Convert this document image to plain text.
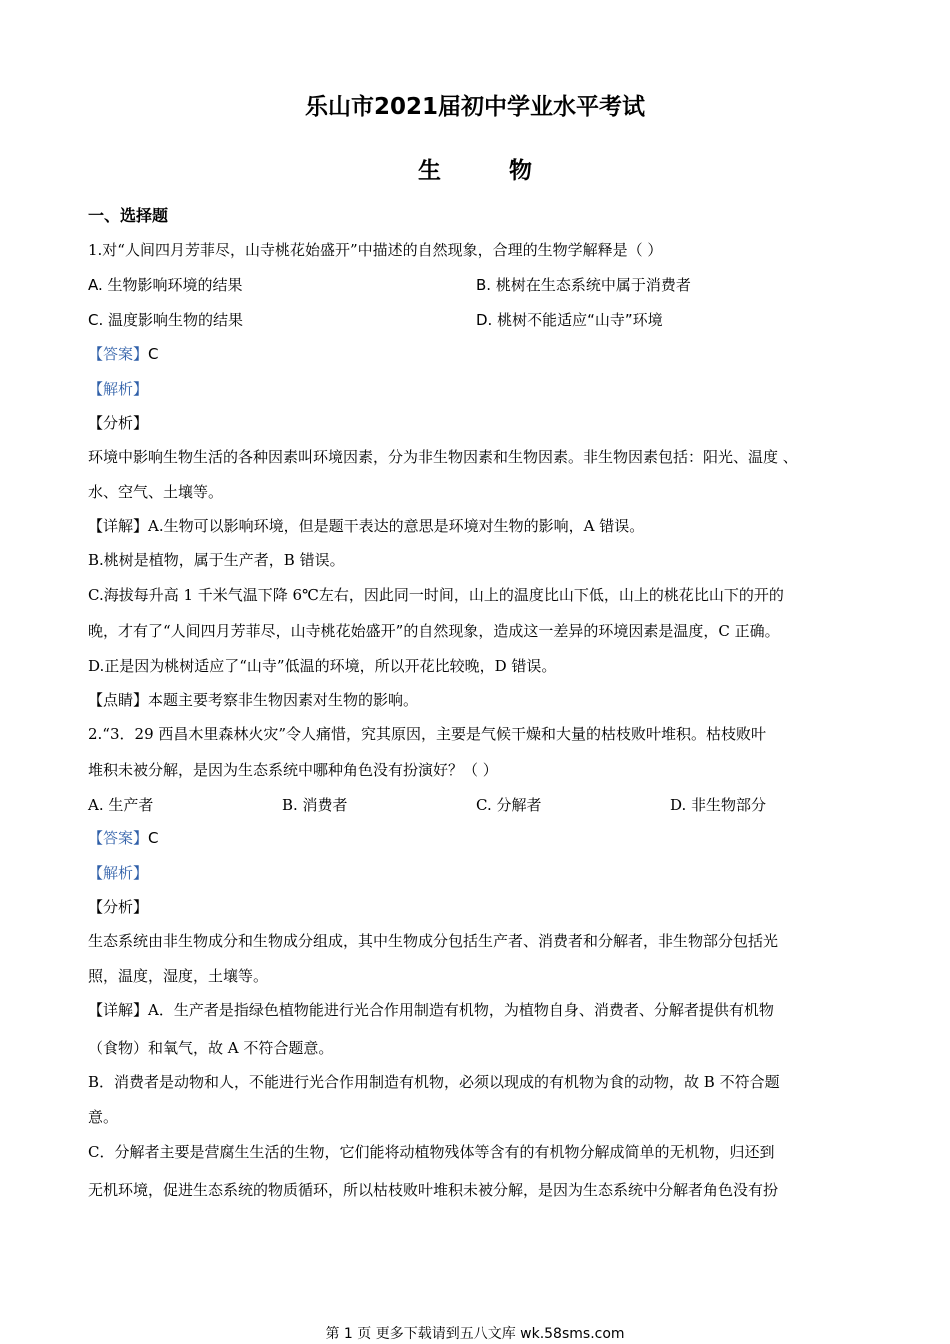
乐山市2021届初中学业水平考试
生 物
一、选择题
1.对“人间四月芳菲尽，山寺桃花始盛开”中描述的自然现象，合理的生物学解释是（ ）
A. 生物影响环境的结果	B. 桃树在生态系统中属于消费者
C. 温度影响生物的结果	D. 桃树不能适应“山寺”环境
【答案】C
【解析】
【分析】
环境中影响生物生活的各种因素叫环境因素，分为非生物因素和生物因素。非生物因素包括：阳光、温度 、
水、空气、土壤等。
【详解】A.生物可以影响环境，但是题干表达的意思是环境对生物的影响，A 错误。
B.桃树是植物，属于生产者，B 错误。
C.海拔每升高 1 千米气温下降 6℃左右，因此同一时间，山上的温度比山下低，山上的桃花比山下的开的
晚，才有了“人间四月芳菲尽，山寺桃花始盛开”的自然现象，造成这一差异的环境因素是温度，C 正确。
D.正是因为桃树适应了“山寺”低温的环境，所以开花比较晚，D 错误。
【点睛】本题主要考察非生物因素对生物的影响。
2.“3．29 西昌木里森林火灾”令人痛惜，究其原因，主要是气候干燥和大量的枯枝败叶堆积。枯枝败叶
堆积未被分解，是因为生态系统中哪种角色没有扮演好？（ ）
A. 生产者	B. 消费者	C. 分解者	D. 非生物部分
【答案】C
【解析】
【分析】
生态系统由非生物成分和生物成分组成，其中生物成分包括生产者、消费者和分解者，非生物部分包括光
照，温度，湿度，土壤等。
【详解】A．生产者是指绿色植物能进行光合作用制造有机物，为植物自身、消费者、分解者提供有机物
（食物）和氧气，故 A 不符合题意。
B．消费者是动物和人，不能进行光合作用制造有机物，必须以现成的有机物为食的动物，故 B 不符合题
意。
C．分解者主要是营腐生生活的生物，它们能将动植物残体等含有的有机物分解成简单的无机物，归还到
无机环境，促进生态系统的物质循环，所以枯枝败叶堆积未被分解，是因为生态系统中分解者角色没有扮
第 1 页 更多下载请到五八文库 wk.58sms.com
